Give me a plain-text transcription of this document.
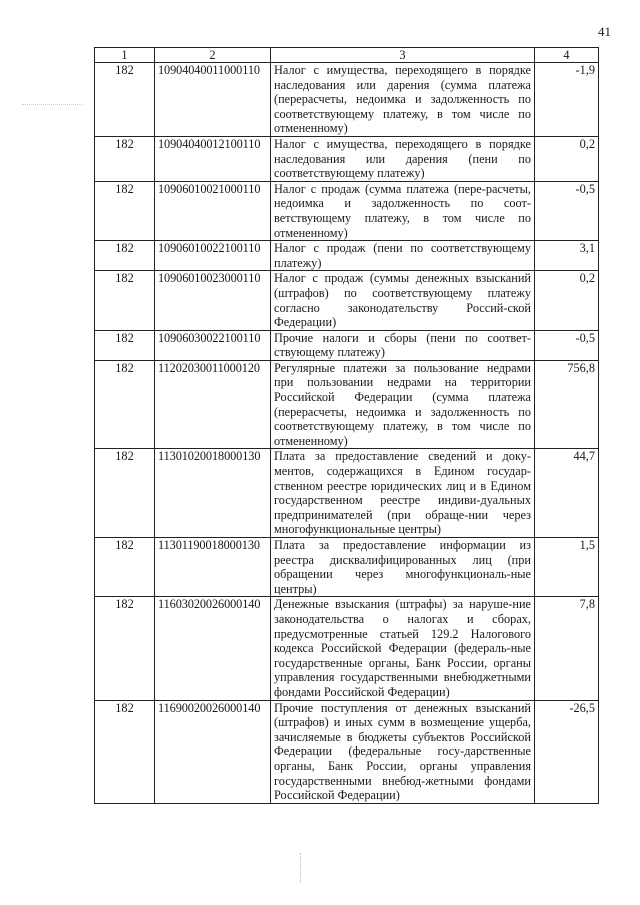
41
1	2	3	4
182	10904040011000110	Налог с имущества, переходящего в порядке наследования или дарения (сумма платежа (перерасчеты, недоимка и задолженность по соответствующему платежу, в том числе по отмененному)	-1,9
182	10904040012100110	Налог с имущества, переходящего в порядке наследования или дарения (пени по соответствующему платежу)	0,2
182	10906010021000110	Налог с продаж (сумма платежа (пере-расчеты, недоимка и задолженность по соот-ветствующему платежу, в том числе по отмененному)	-0,5
182	10906010022100110	Налог с продаж (пени по соответствующему платежу)	3,1
182	10906010023000110	Налог с продаж (суммы денежных взысканий (штрафов) по соответствующему платежу согласно законодательству Россий-ской Федерации)	0,2
182	10906030022100110	Прочие налоги и сборы (пени по соответ-ствующему платежу)	-0,5
182	11202030011000120	Регулярные платежи за пользование недрами при пользовании недрами на территории Российской Федерации (сумма платежа (перерасчеты, недоимка и задолженность по соответствующему платежу, в том числе по отмененному)	756,8
182	11301020018000130	Плата за предоставление сведений и доку-ментов, содержащихся в Едином государ-ственном реестре юридических лиц и в Едином государственном реестре индиви-дуальных предпринимателей (при обраще-нии через многофункциональные центры)	44,7
182	11301190018000130	Плата за предоставление информации из реестра дисквалифицированных лиц (при обращении через многофункциональ-ные центры)	1,5
182	11603020026000140	Денежные взыскания (штрафы) за наруше-ние законодательства о налогах и сборах, предусмотренные статьей 129.2 Налогового кодекса Российской Федерации (федераль-ные государственные органы, Банк России, органы управления государственными внебюджетными фондами Российской Федерации)	7,8
182	11690020026000140	Прочие поступления от денежных взысканий (штрафов) и иных сумм в возмещение ущерба, зачисляемые в бюджеты субъектов Российской Федерации (федеральные госу-дарственные органы, Банк России, органы управления государственными внебюд-жетными фондами Российской Федерации)	-26,5
